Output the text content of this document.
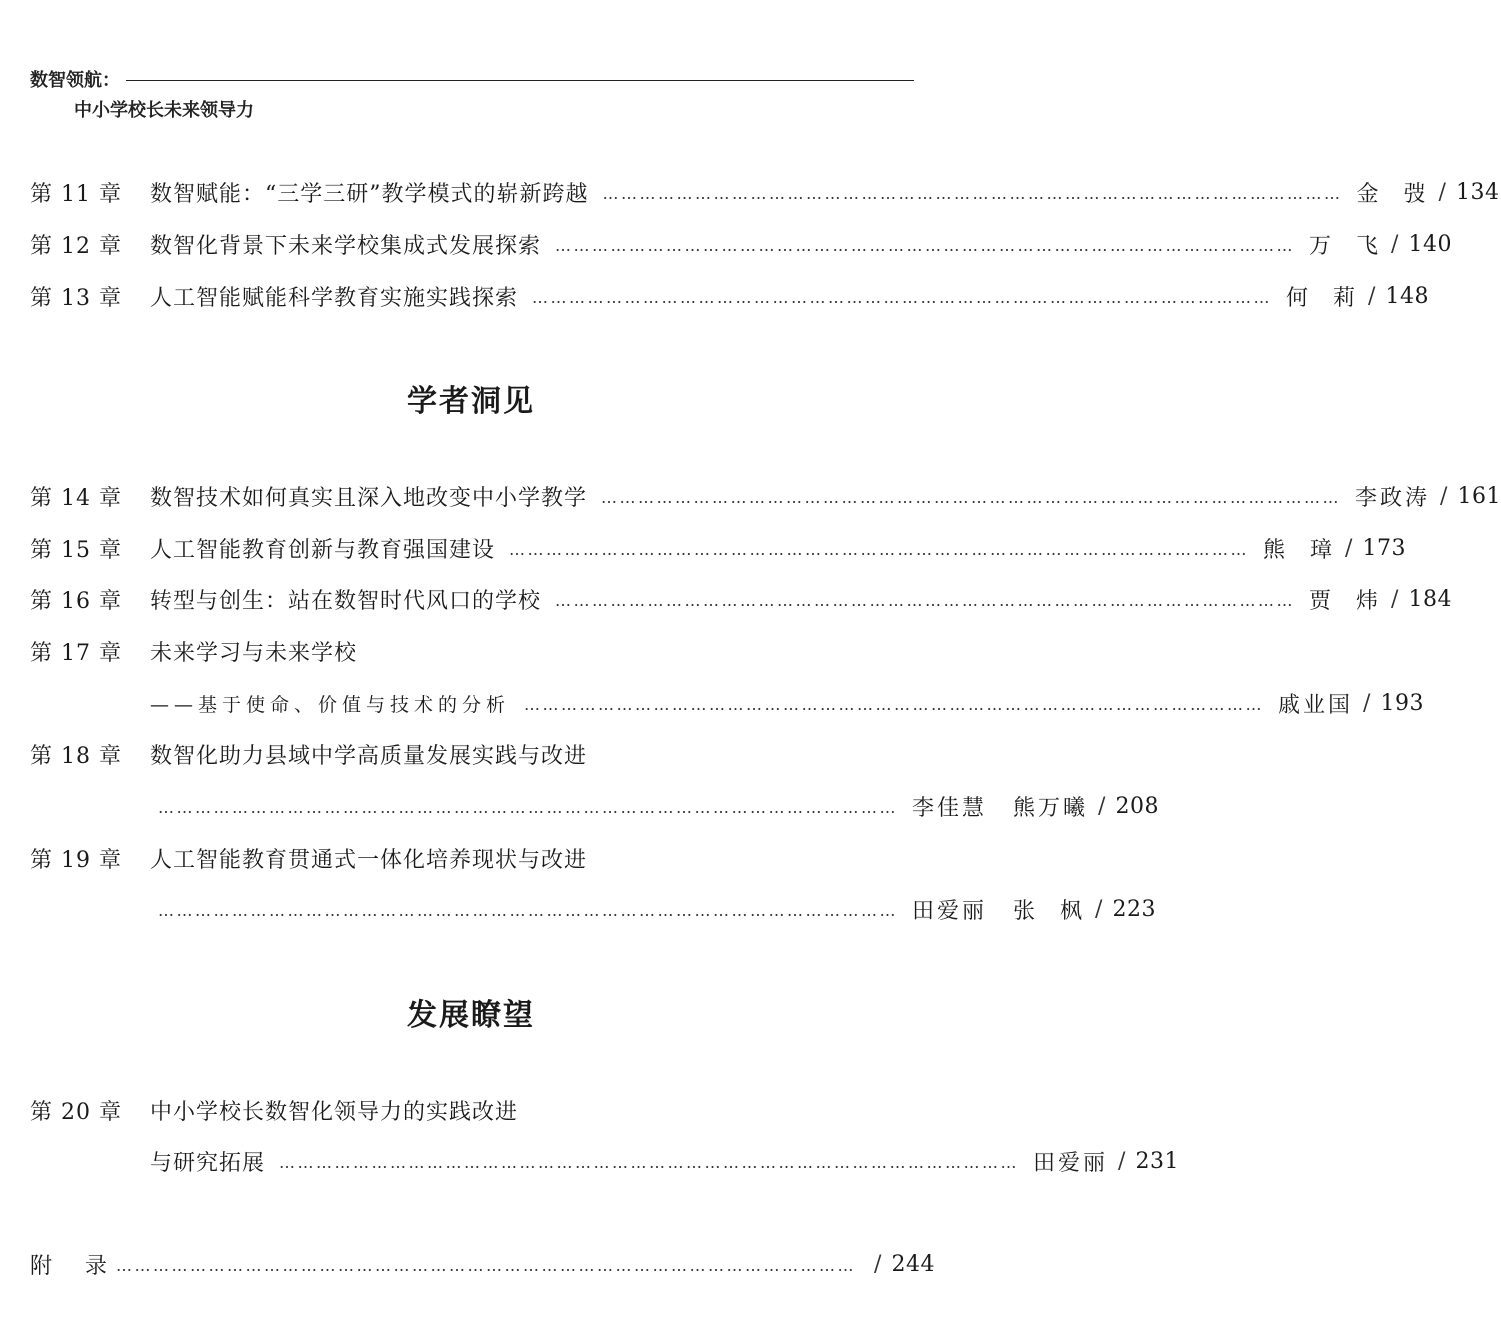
数智领航：
中小学校长未来领导力
第 11 章	数智赋能：“三学三研”教学模式的崭新跨越 ………………………………………………………………………………………………………… 金 弢 / 134
第 12 章	数智化背景下未来学校集成式发展探索 ………………………………………………………………………………………………………… 万 飞 / 140
第 13 章	人工智能赋能科学教育实施实践探索 ………………………………………………………………………………………………………… 何 莉 / 148
学者洞见
第 14 章	数智技术如何真实且深入地改变中小学教学 ………………………………………………………………………………………………………… 李政涛 / 161
第 15 章	人工智能教育创新与教育强国建设 ………………………………………………………………………………………………………… 熊 璋 / 173
第 16 章	转型与创生：站在数智时代风口的学校 ………………………………………………………………………………………………………… 贾 炜 / 184
第 17 章	未来学习与未来学校
——基于使命、价值与技术的分析 ………………………………………………………………………………………………………… 戚业国 / 193
第 18 章	数智化助力县域中学高质量发展实践与改进
………………………………………………………………………………………………………… 李佳慧 熊万曦 / 208
第 19 章	人工智能教育贯通式一体化培养现状与改进
………………………………………………………………………………………………………… 田爱丽 张 枫 / 223
发展瞭望
第 20 章	中小学校长数智化领导力的实践改进
与研究拓展 ………………………………………………………………………………………………………… 田爱丽 / 231
附 录 ………………………………………………………………………………………………………… / 244
